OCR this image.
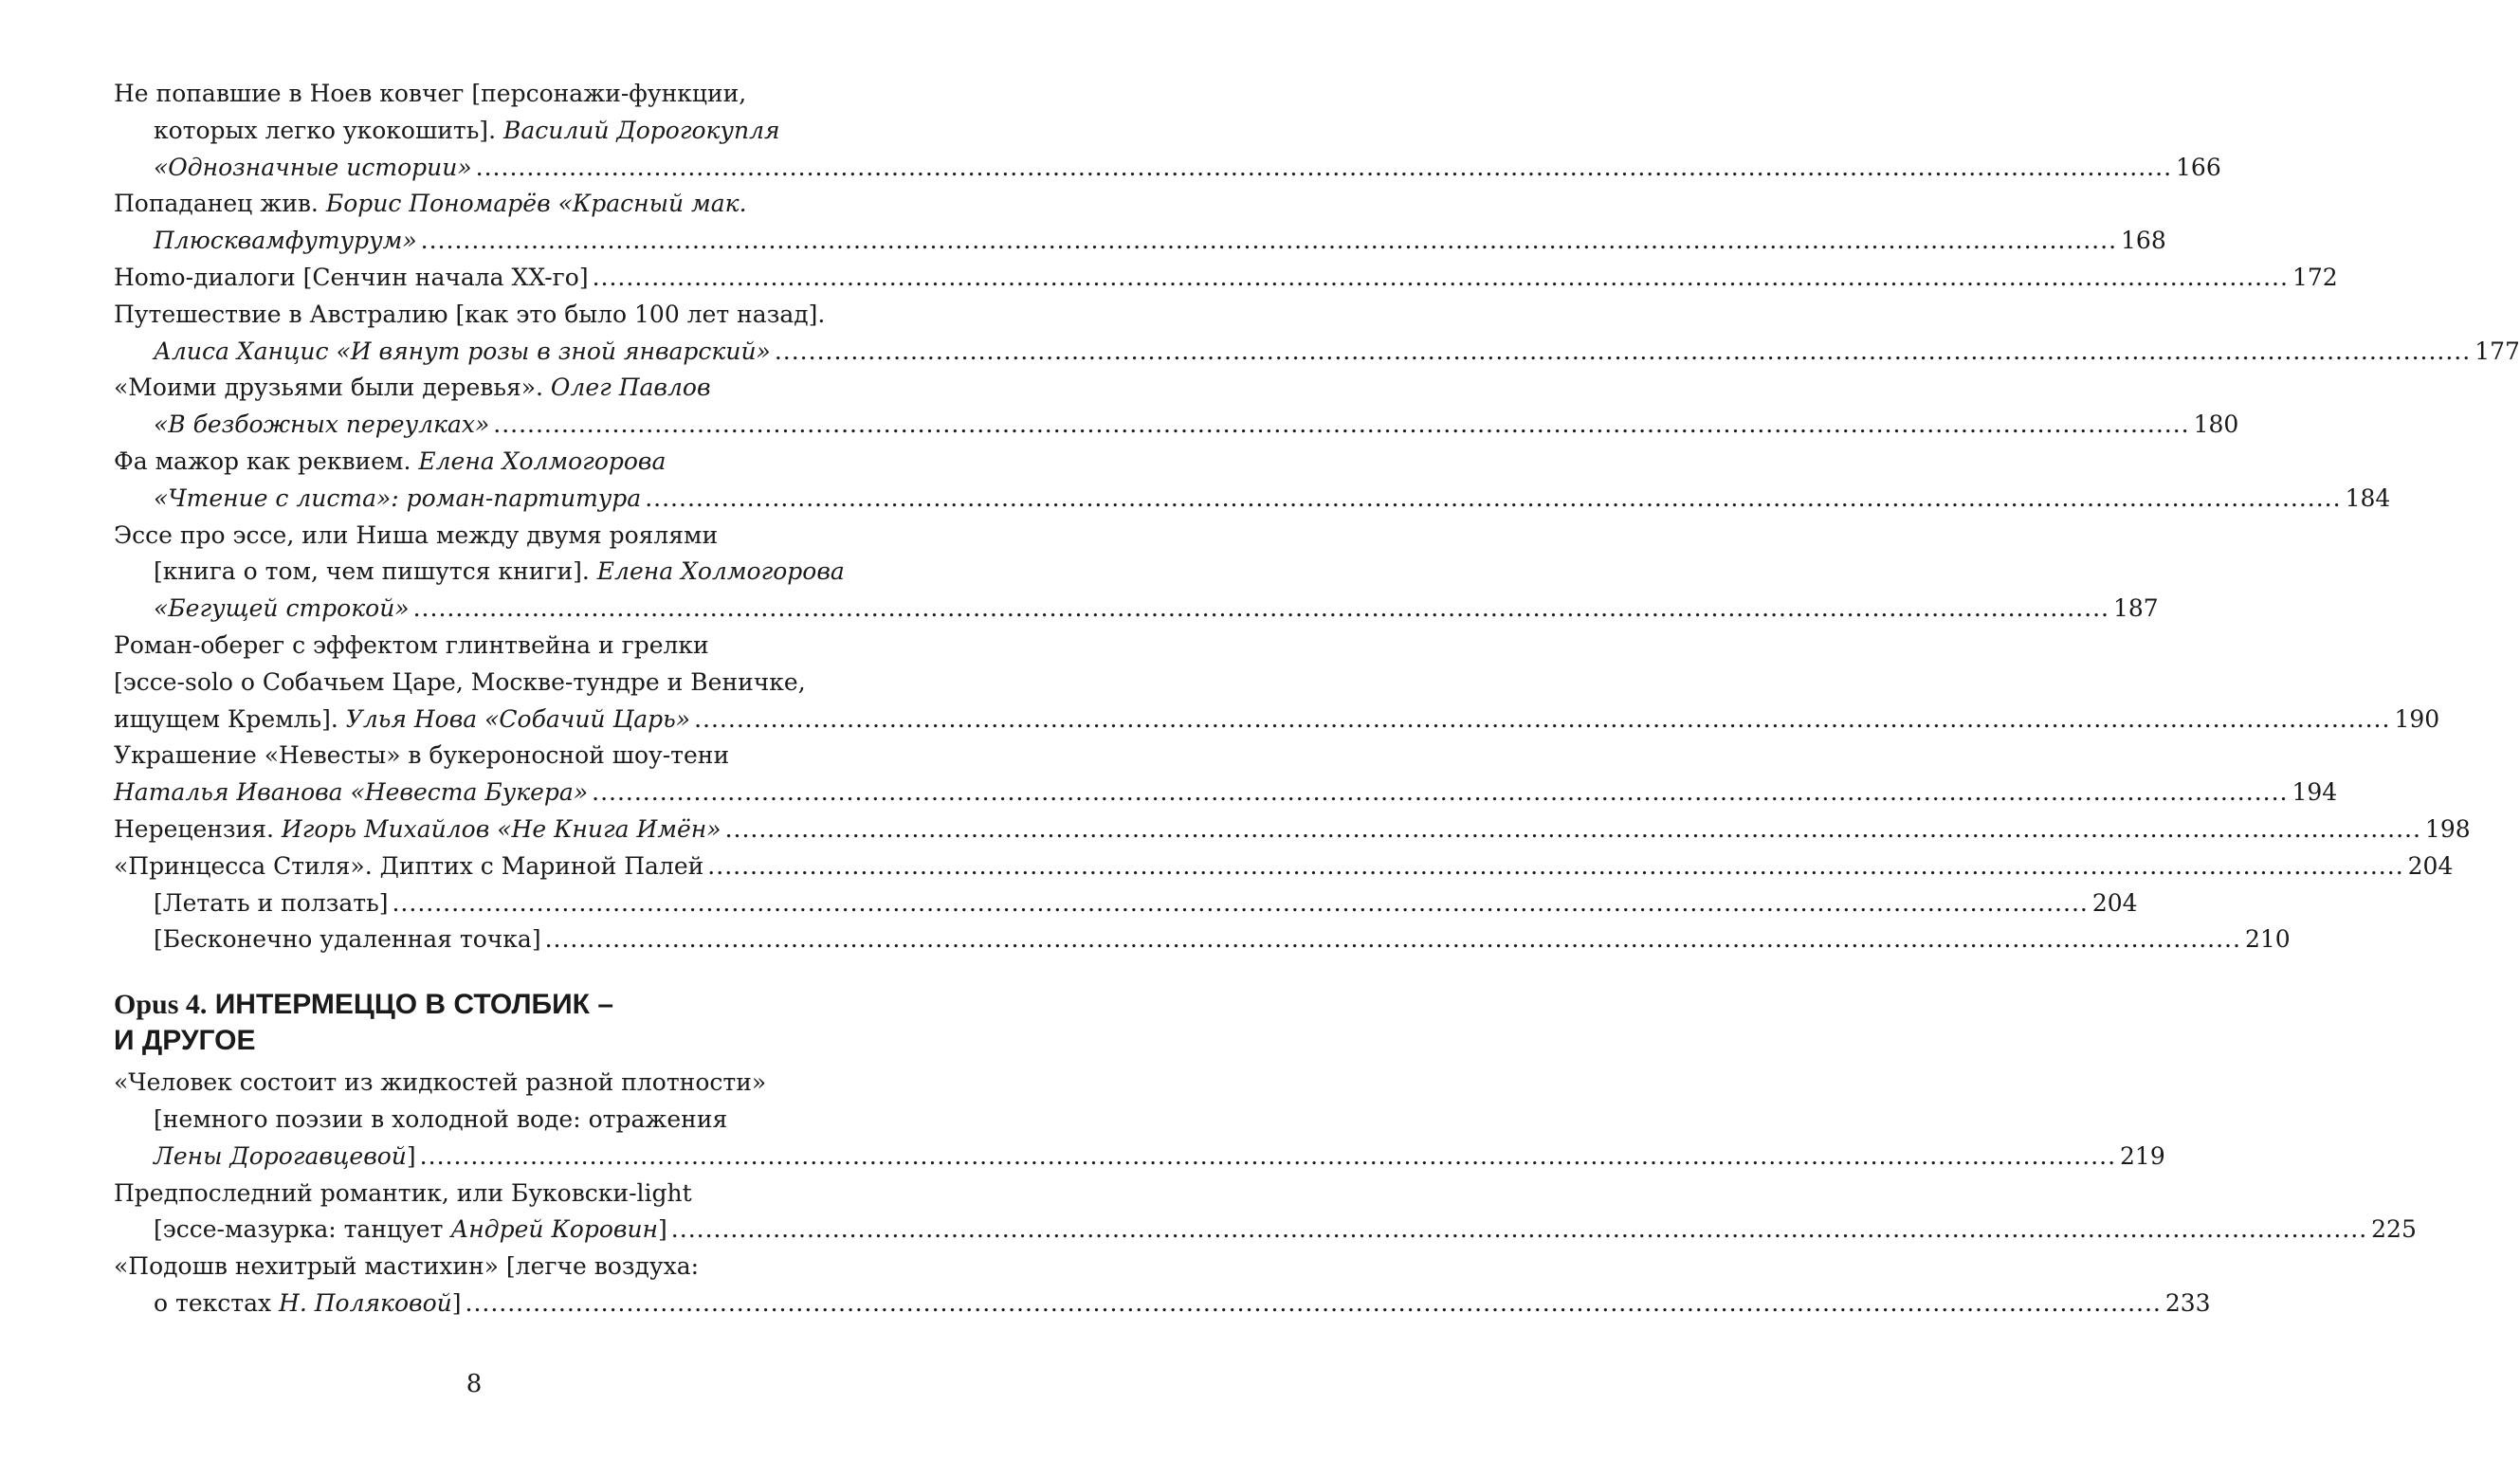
Не попавшие в Ноев ковчег [персонажи-функции,
которых легко укокошить]. Василий Дорогокупля
«Однозначные истории» ........................................................................................................................................................................................................ 166
Попаданец жив. Борис Пономарёв «Красный мак.
Плюсквамфутурум» ........................................................................................................................................................................................................ 168
Homo-диалоги [Сенчин начала XX-го] ........................................................................................................................................................................................................ 172
Путешествие в Австралию [как это было 100 лет назад].
Алиса Ханцис «И вянут розы в зной январский» ........................................................................................................................................................................................................ 177
«Моими друзьями были деревья». Олег Павлов
«В безбожных переулках» ........................................................................................................................................................................................................ 180
Фа мажор как реквием. Елена Холмогорова
«Чтение с листа»: роман-партитура ........................................................................................................................................................................................................ 184
Эссе про эссе, или Ниша между двумя роялями
[книга о том, чем пишутся книги]. Елена Холмогорова
«Бегущей строкой» ........................................................................................................................................................................................................ 187
Роман-оберег с эффектом глинтвейна и грелки
[эссе-solo о Собачьем Царе, Москве-тундре и Веничке,
ищущем Кремль]. Улья Нова «Собачий Царь» ........................................................................................................................................................................................................ 190
Украшение «Невесты» в букероносной шоу-тени
Наталья Иванова «Невеста Букера» ........................................................................................................................................................................................................ 194
Нерецензия. Игорь Михайлов «Не Книга Имён» ........................................................................................................................................................................................................ 198
«Принцесса Стиля». Диптих с Мариной Палей ........................................................................................................................................................................................................ 204
[Летать и ползать] ........................................................................................................................................................................................................ 204
[Бесконечно удаленная точка] ........................................................................................................................................................................................................ 210
Opus 4. ИНТЕРМЕЦЦО В СТОЛБИК –
И ДРУГОЕ
«Человек состоит из жидкостей разной плотности»
[немного поэзии в холодной воде: отражения
Лены Дорогавцевой] ........................................................................................................................................................................................................ 219
Предпоследний романтик, или Буковски-light
[эссе-мазурка: танцует Андрей Коровин] ........................................................................................................................................................................................................ 225
«Подошв нехитрый мастихин» [легче воздуха:
о текстах Н. Поляковой] ........................................................................................................................................................................................................ 233
8
